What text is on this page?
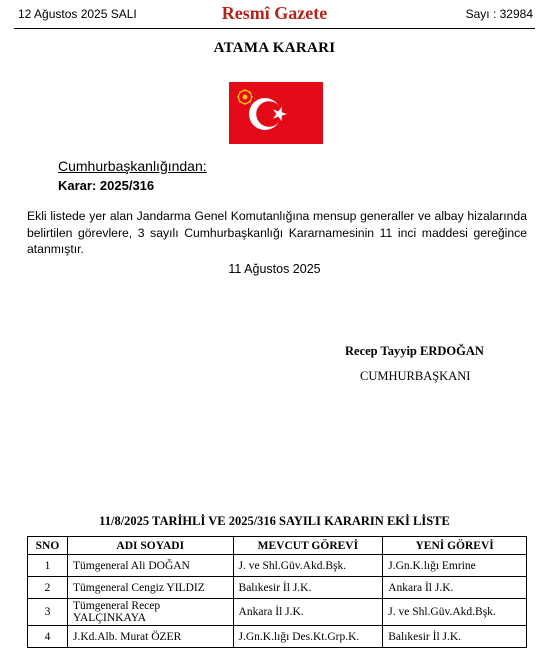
12 Ağustos 2025 SALI	Resmî Gazete	Sayı : 32984
ATAMA KARARI
Cumhurbaşkanlığından:
Karar: 2025/316
Ekli listede yer alan Jandarma Genel Komutanlığına mensup generaller ve albay hizalarında belirtilen görevlere, 3 sayılı Cumhurbaşkanlığı Kararnamesinin 11 inci maddesi gereğince atanmıştır.
11 Ağustos 2025
Recep Tayyip ERDOĞAN
CUMHURBAŞKANI
11/8/2025 TARİHLİ VE 2025/316 SAYILI KARARIN EKİ LİSTE
SNO	ADI SOYADI	MEVCUT GÖREVİ	YENİ GÖREVİ
1	Tümgeneral Ali DOĞAN	J. ve Shl.Güv.Akd.Bşk.	J.Gn.K.lığı Emrine
2	Tümgeneral Cengiz YILDIZ	Balıkesir İl J.K.	Ankara İl J.K.
3	Tümgeneral Recep YALÇINKAYA	Ankara İl J.K.	J. ve Shl.Güv.Akd.Bşk.
4	J.Kd.Alb. Murat ÖZER	J.Gn.K.lığı Des.Kt.Grp.K.	Balıkesir İl J.K.
